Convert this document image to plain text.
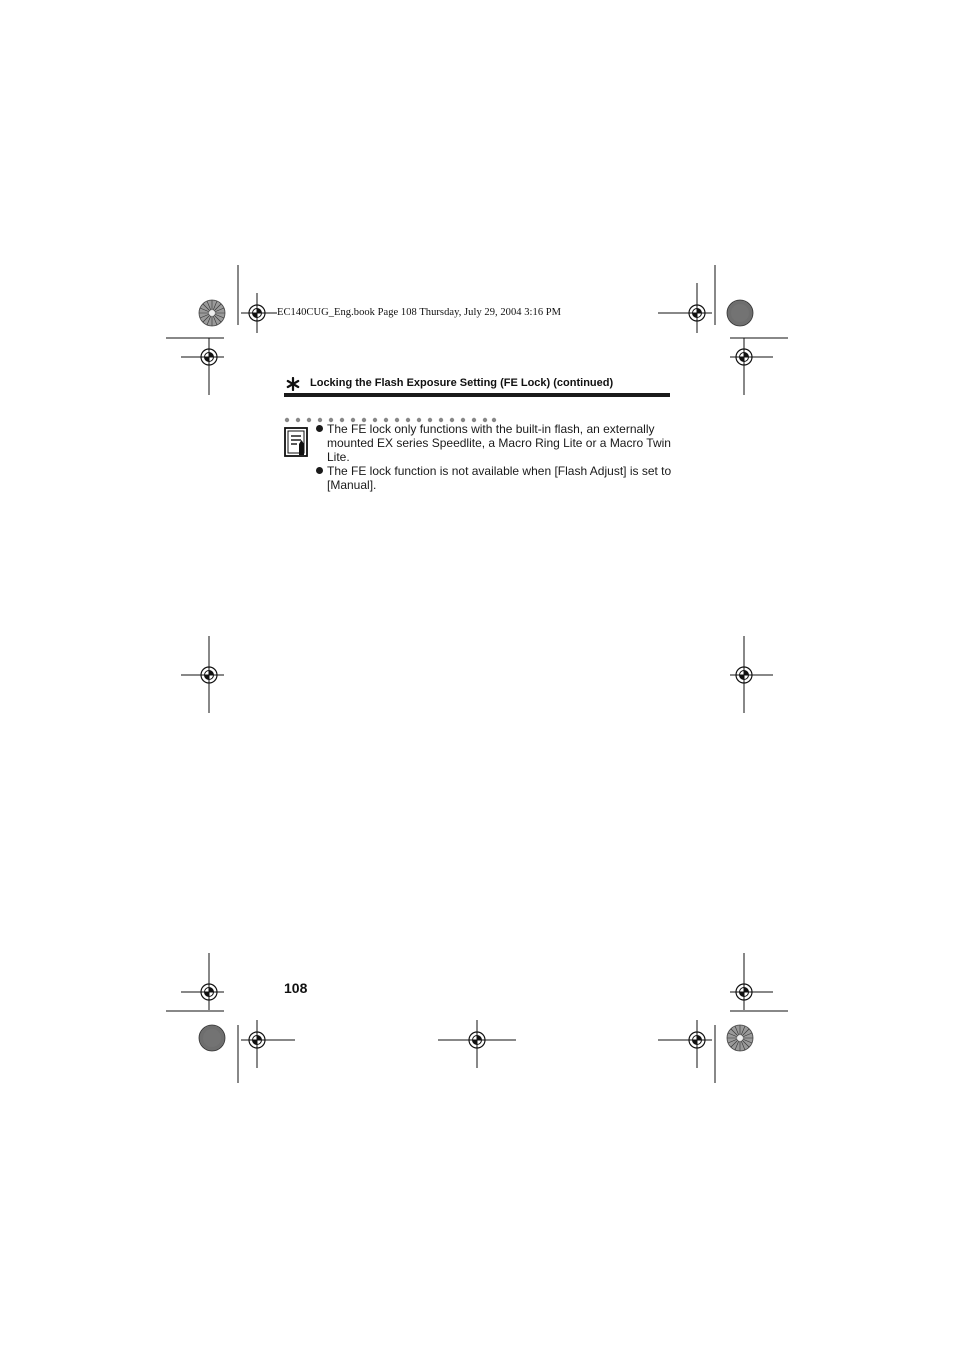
EC140CUG_Eng.book Page 108 Thursday, July 29, 2004 3:16 PM
Locking the Flash Exposure Setting (FE Lock) (continued)
The FE lock only functions with the built-in flash, an externally mounted EX series Speedlite, a Macro Ring Lite or a Macro Twin Lite.
The FE lock function is not available when [Flash Adjust] is set to [Manual].
108
